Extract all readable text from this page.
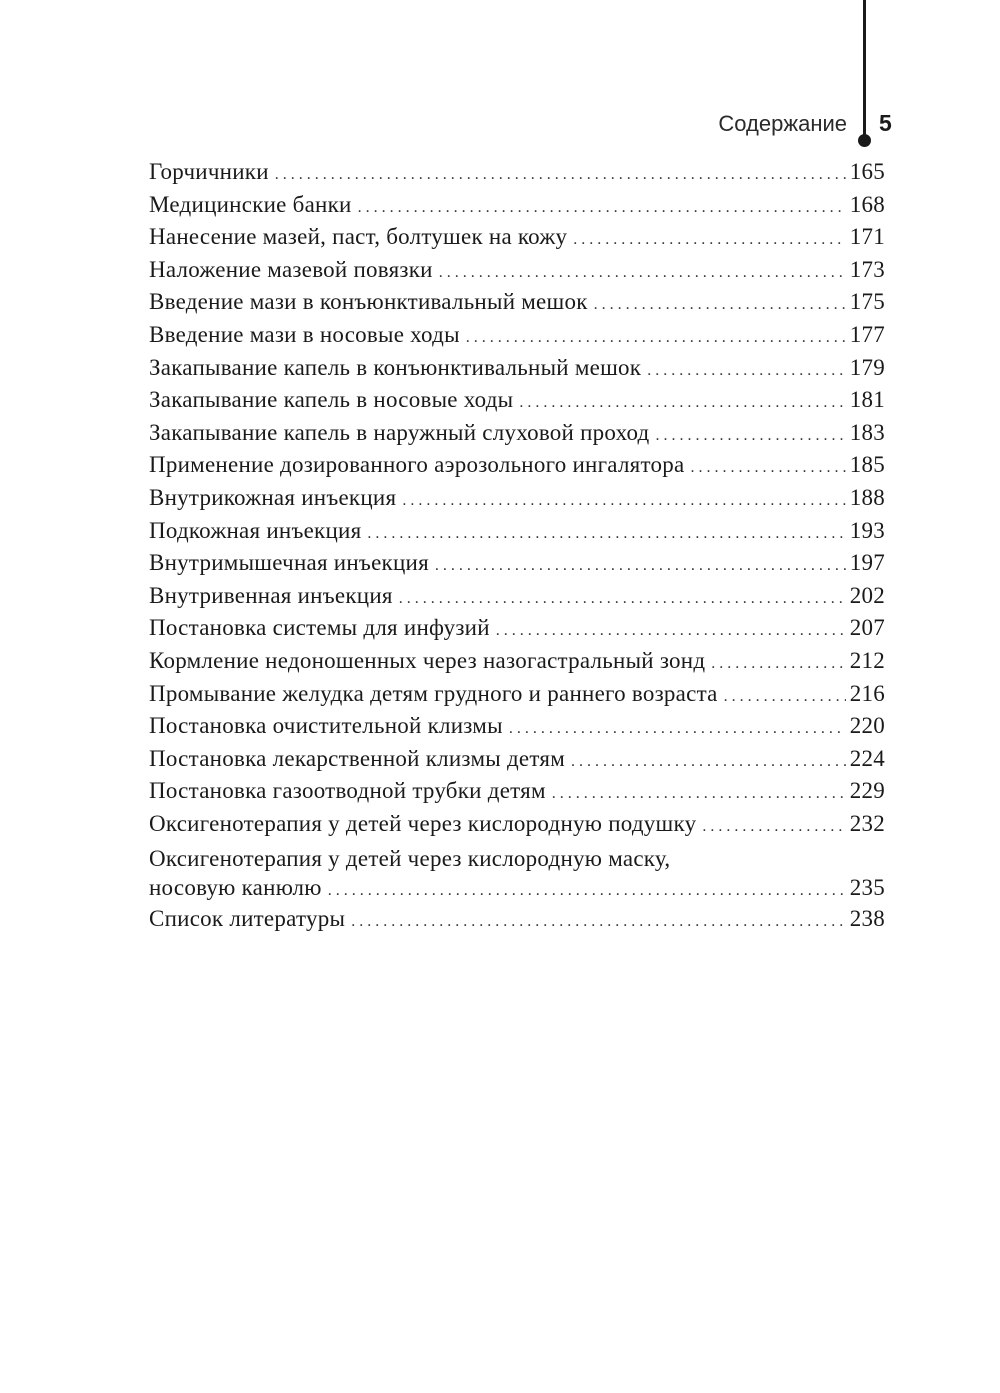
Содержание 5
Горчичники . . .	165
Медицинские банки . . .	168
Нанесение мазей, паст, болтушек на кожу . . .	171
Наложение мазевой повязки . . .	173
Введение мази в конъюнктивальный мешок . . .	175
Введение мази в носовые ходы . . .	177
Закапывание капель в конъюнктивальный мешок . . .	179
Закапывание капель в носовые ходы . . .	181
Закапывание капель в наружный слуховой проход . . .	183
Применение дозированного аэрозольного ингалятора . . .	185
Внутрикожная инъекция . . .	188
Подкожная инъекция . . .	193
Внутримышечная инъекция . . .	197
Внутривенная инъекция . . .	202
Постановка системы для инфузий . . .	207
Кормление недоношенных через назогастральный зонд . . .	212
Промывание желудка детям грудного и раннего возраста . . .	216
Постановка очистительной клизмы . . .	220
Постановка лекарственной клизмы детям . . .	224
Постановка газоотводной трубки детям . . .	229
Оксигенотерапия у детей через кислородную подушку . . .	232
Оксигенотерапия у детей через кислородную маску,
носовую канюлю . . .	235
Список литературы . . .	238
